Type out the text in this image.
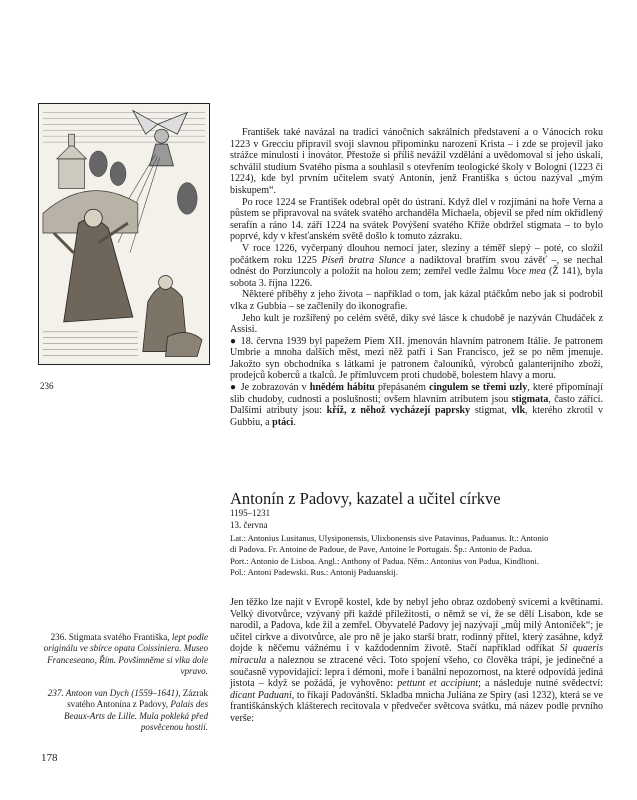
236

František také navázal na tradici vánočních sakrálních představení a o Vánocích roku 1223 v Grecciu připravil svoji slavnou připomínku narození Krista – i zde se projevil jako strážce minulosti i inovátor. Přestože si příliš nevážil vzdělání a uvědomoval si jeho úskalí, schválil studium Svatého písma a souhlasil s otevřením teologické školy v Bologni (1223 či 1224), kde byl prvním učitelem svatý Antonín, jenž Františka s úctou nazýval „mým biskupem“.

Po roce 1224 se František odebral opět do ústraní. Když dlel v rozjímání na hoře Verna a půstem se připravoval na svátek svatého archanděla Michaela, objevil se před ním okřídlený serafín a ráno 14. září 1224 na svátek Povýšení svatého Kříže obdržel stigmata – to bylo poprvé, kdy v křesťanském světě došlo k tomuto zázraku.

V roce 1226, vyčerpaný dlouhou nemocí jater, sleziny a téměř slepý – poté, co složil počátkem roku 1225 Píseň bratra Slunce a nadiktoval bratřím svou závěť –, se nechal odnést do Porziuncoly a položit na holou zem; zemřel vedle žalmu Voce mea (Ž 141), byla sobota 3. října 1226.

Některé příběhy z jeho života – například o tom, jak kázal ptáčkům nebo jak si podrobil vlka z Gubbia – se začlenily do ikonografie.

Jeho kult je rozšířený po celém světě, díky své lásce k chudobě je nazýván Chudáček z Assisi.

● 18. června 1939 byl papežem Piem XII. jmenován hlavním patronem Itálie. Je patronem Umbrie a mnoha dalších měst, mezi něž patří i San Francisco, jež se po něm jmenuje. Jakožto syn obchodníka s látkami je patronem čalouníků, výrobců galanterijního zboží, prodejců koberců a tkalců. Je přímluvcem proti chudobě, bolestem hlavy a moru.

● Je zobrazován v hnědém hábitu přepásaném cingulem se třemi uzly, které připomínají slib chudoby, cudnosti a poslušnosti; ovšem hlavním atributem jsou stigmata, často zářící. Dalšími atributy jsou: kříž, z něhož vycházejí paprsky stigmat, vlk, kterého zkrotil v Gubbiu, a ptáci.

Antonín z Padovy, kazatel a učitel církve
1195–1231
13. června
Lat.: Antonius Lusitanus, Ulysiponensis, Ulixbonensis sive Patavinus, Paduanus. It.: Antonio
di Padova. Fr. Antoine de Padoue, de Pave, Antoine le Portugais. Šp.: Antonio de Padua.
Port.: Antonio de Lisboa. Angl.: Anthony of Padua. Něm.: Antonius von Padua, Kindltoni.
Pol.: Antoni Padewski. Rus.: Antonij Paduanskij.

Jen těžko lze najít v Evropě kostel, kde by nebyl jeho obraz ozdobený svícemi a květinami. Velký divotvůrce, vzývaný při každé příležitosti, o němž se ví, že se dělí Lisabon, kde se narodil, a Padova, kde žil a zemřel. Obyvatelé Padovy jej nazývají „můj milý Antoníček“; je učitel církve a divotvůrce, ale pro ně je jako starší bratr, rodinný přítel, který zasáhne, když dojde k něčemu vážnému i v každodenním životě. Stačí například odříkat Si quaeris miracula a naleznou se ztracené věci. Toto spojení všeho, co člověka trápí, je jedinečné a současně vypovídající: lepra i démoni, moře i banální nepozornost, na které odpovídá jediná jistota – když se požádá, je vyhověno: pettunt et accipiunt; a následuje nutné svědectví: dicant Paduani, to říkají Padovánští. Skladba mnicha Juliána ze Spiry (asi 1232), která se ve františkánských klášterech recitovala v předvečer světcova svátku, má název podle prvního verše:

236. Stigmata svatého Františka, lept podle originálu ve sbírce opata Coissiniera. Museo Franceseano, Řím. Povšimněme si vlka dole vpravo.
237. Antoon van Dych (1559–1641), Zázrak svatého Antonína z Padovy, Palais des Beaux-Arts de Lille. Mula pokleká před posvěcenou hostií.
178
